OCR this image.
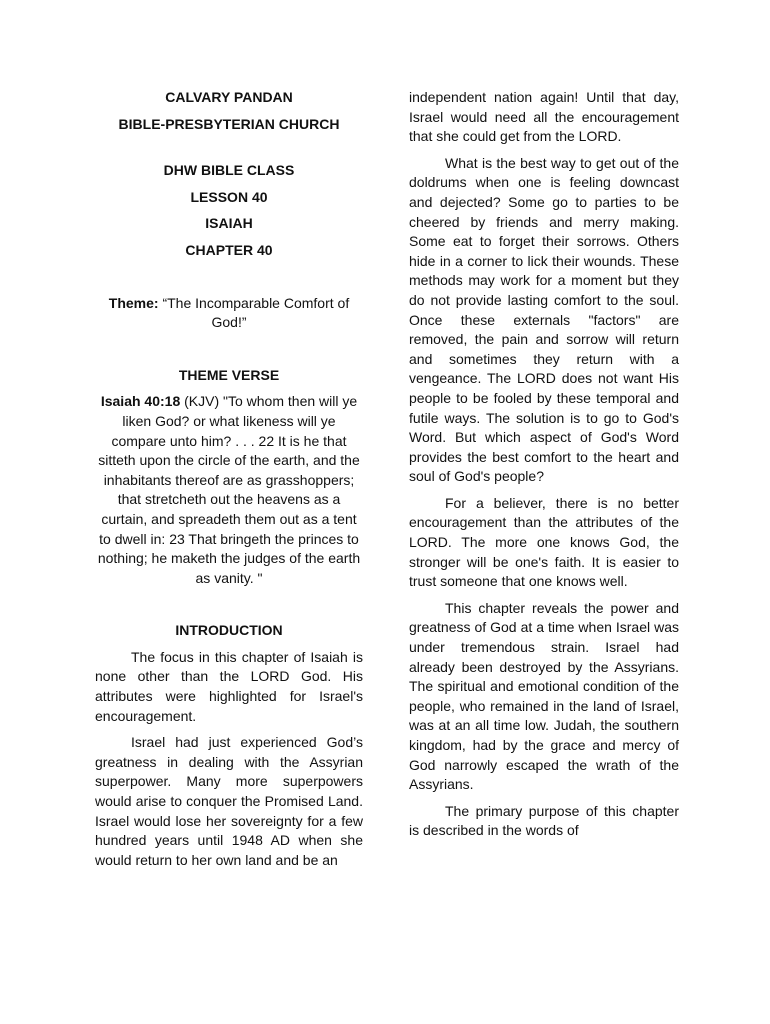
CALVARY PANDAN

BIBLE-PRESBYTERIAN CHURCH

DHW BIBLE CLASS

LESSON 40

ISAIAH

CHAPTER 40

Theme: “The Incomparable Comfort of God!”

THEME VERSE

Isaiah 40:18 (KJV) "To whom then will ye liken God? or what likeness will ye compare unto him? . . . 22 It is he that sitteth upon the circle of the earth, and the inhabitants thereof are as grasshoppers; that stretcheth out the heavens as a curtain, and spreadeth them out as a tent to dwell in: 23 That bringeth the princes to nothing; he maketh the judges of the earth as vanity. "

INTRODUCTION

The focus in this chapter of Isaiah is none other than the LORD God. His attributes were highlighted for Israel's encouragement.

Israel had just experienced God’s greatness in dealing with the Assyrian superpower. Many more superpowers would arise to conquer the Promised Land. Israel would lose her sovereignty for a few hundred years until 1948 AD when she would return to her own land and be an

independent nation again! Until that day, Israel would need all the encouragement that she could get from the LORD.

What is the best way to get out of the doldrums when one is feeling downcast and dejected? Some go to parties to be cheered by friends and merry making. Some eat to forget their sorrows. Others hide in a corner to lick their wounds. These methods may work for a moment but they do not provide lasting comfort to the soul. Once these externals "factors" are removed, the pain and sorrow will return and sometimes they return with a vengeance. The LORD does not want His people to be fooled by these temporal and futile ways. The solution is to go to God's Word. But which aspect of God's Word provides the best comfort to the heart and soul of God's people?

For a believer, there is no better encouragement than the attributes of the LORD. The more one knows God, the stronger will be one's faith. It is easier to trust someone that one knows well.

This chapter reveals the power and greatness of God at a time when Israel was under tremendous strain. Israel had already been destroyed by the Assyrians. The spiritual and emotional condition of the people, who remained in the land of Israel, was at an all time low. Judah, the southern kingdom, had by the grace and mercy of God narrowly escaped the wrath of the Assyrians.

The primary purpose of this chapter is described in the words of
